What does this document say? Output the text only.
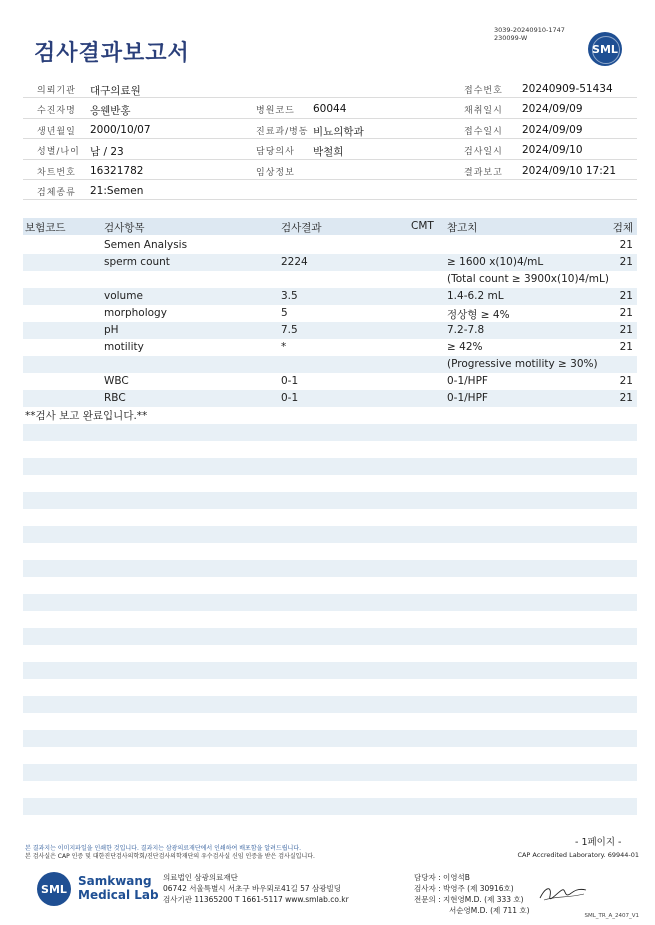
검사결과보고서
3039-20240910-1747
230099-W
SML
의뢰기관 대구의료원	접수번호 20240909-51434
수진자명 응웬반홍	병원코드 60044	채취일시 2024/09/09
생년월일 2000/10/07	진료과/병동 비뇨의학과	접수일시 2024/09/09
성별/나이 남 / 23	담당의사 박철희	검사일시 2024/09/10
차트번호 16321782	임상정보	결과보고 2024/09/10 17:21
검체종류 21:Semen
보험코드	검사항목	검사결과	CMT 참고치	검체
Semen Analysis	21
sperm count	2224	≥ 1600 x(10)4/mL	21
(Total count ≥ 3900x(10)4/mL)
volume	3.5	1.4-6.2 mL	21
morphology	5	정상형 ≥ 4%	21
pH	7.5	7.2-7.8	21
motility	*	≥ 42%	21
(Progressive motility ≥ 30%)
WBC	0-1	0-1/HPF	21
RBC	0-1	0-1/HPF	21
**검사 보고 완료입니다.**
- 1페이지 -
본 결과지는 이미지파일을 인쇄한 것입니다. 결과지는 삼광의료재단에서 인쇄하여 배포함을 알려드립니다.
본 검사실은 CAP 인증 및 대한진단검사의학회/진단검사의학재단의 우수검사실 신임 인증을 받은 검사실입니다.	CAP Accredited Laboratory. 69944-01
SML
Samkwang
Medical Lab
의료법인 삼광의료재단
06742 서울특별시 서초구 바우뫼로41길 57 삼광빌딩
검사기관 11365200 T 1661-5117 www.smlab.co.kr
담당자 : 이영석B
검사자 : 박영주 (제 30916호)
전문의 : 지현영M.D. (제 333 호)
서순영M.D. (제 711 호)
SML_TR_A_2407_V1
